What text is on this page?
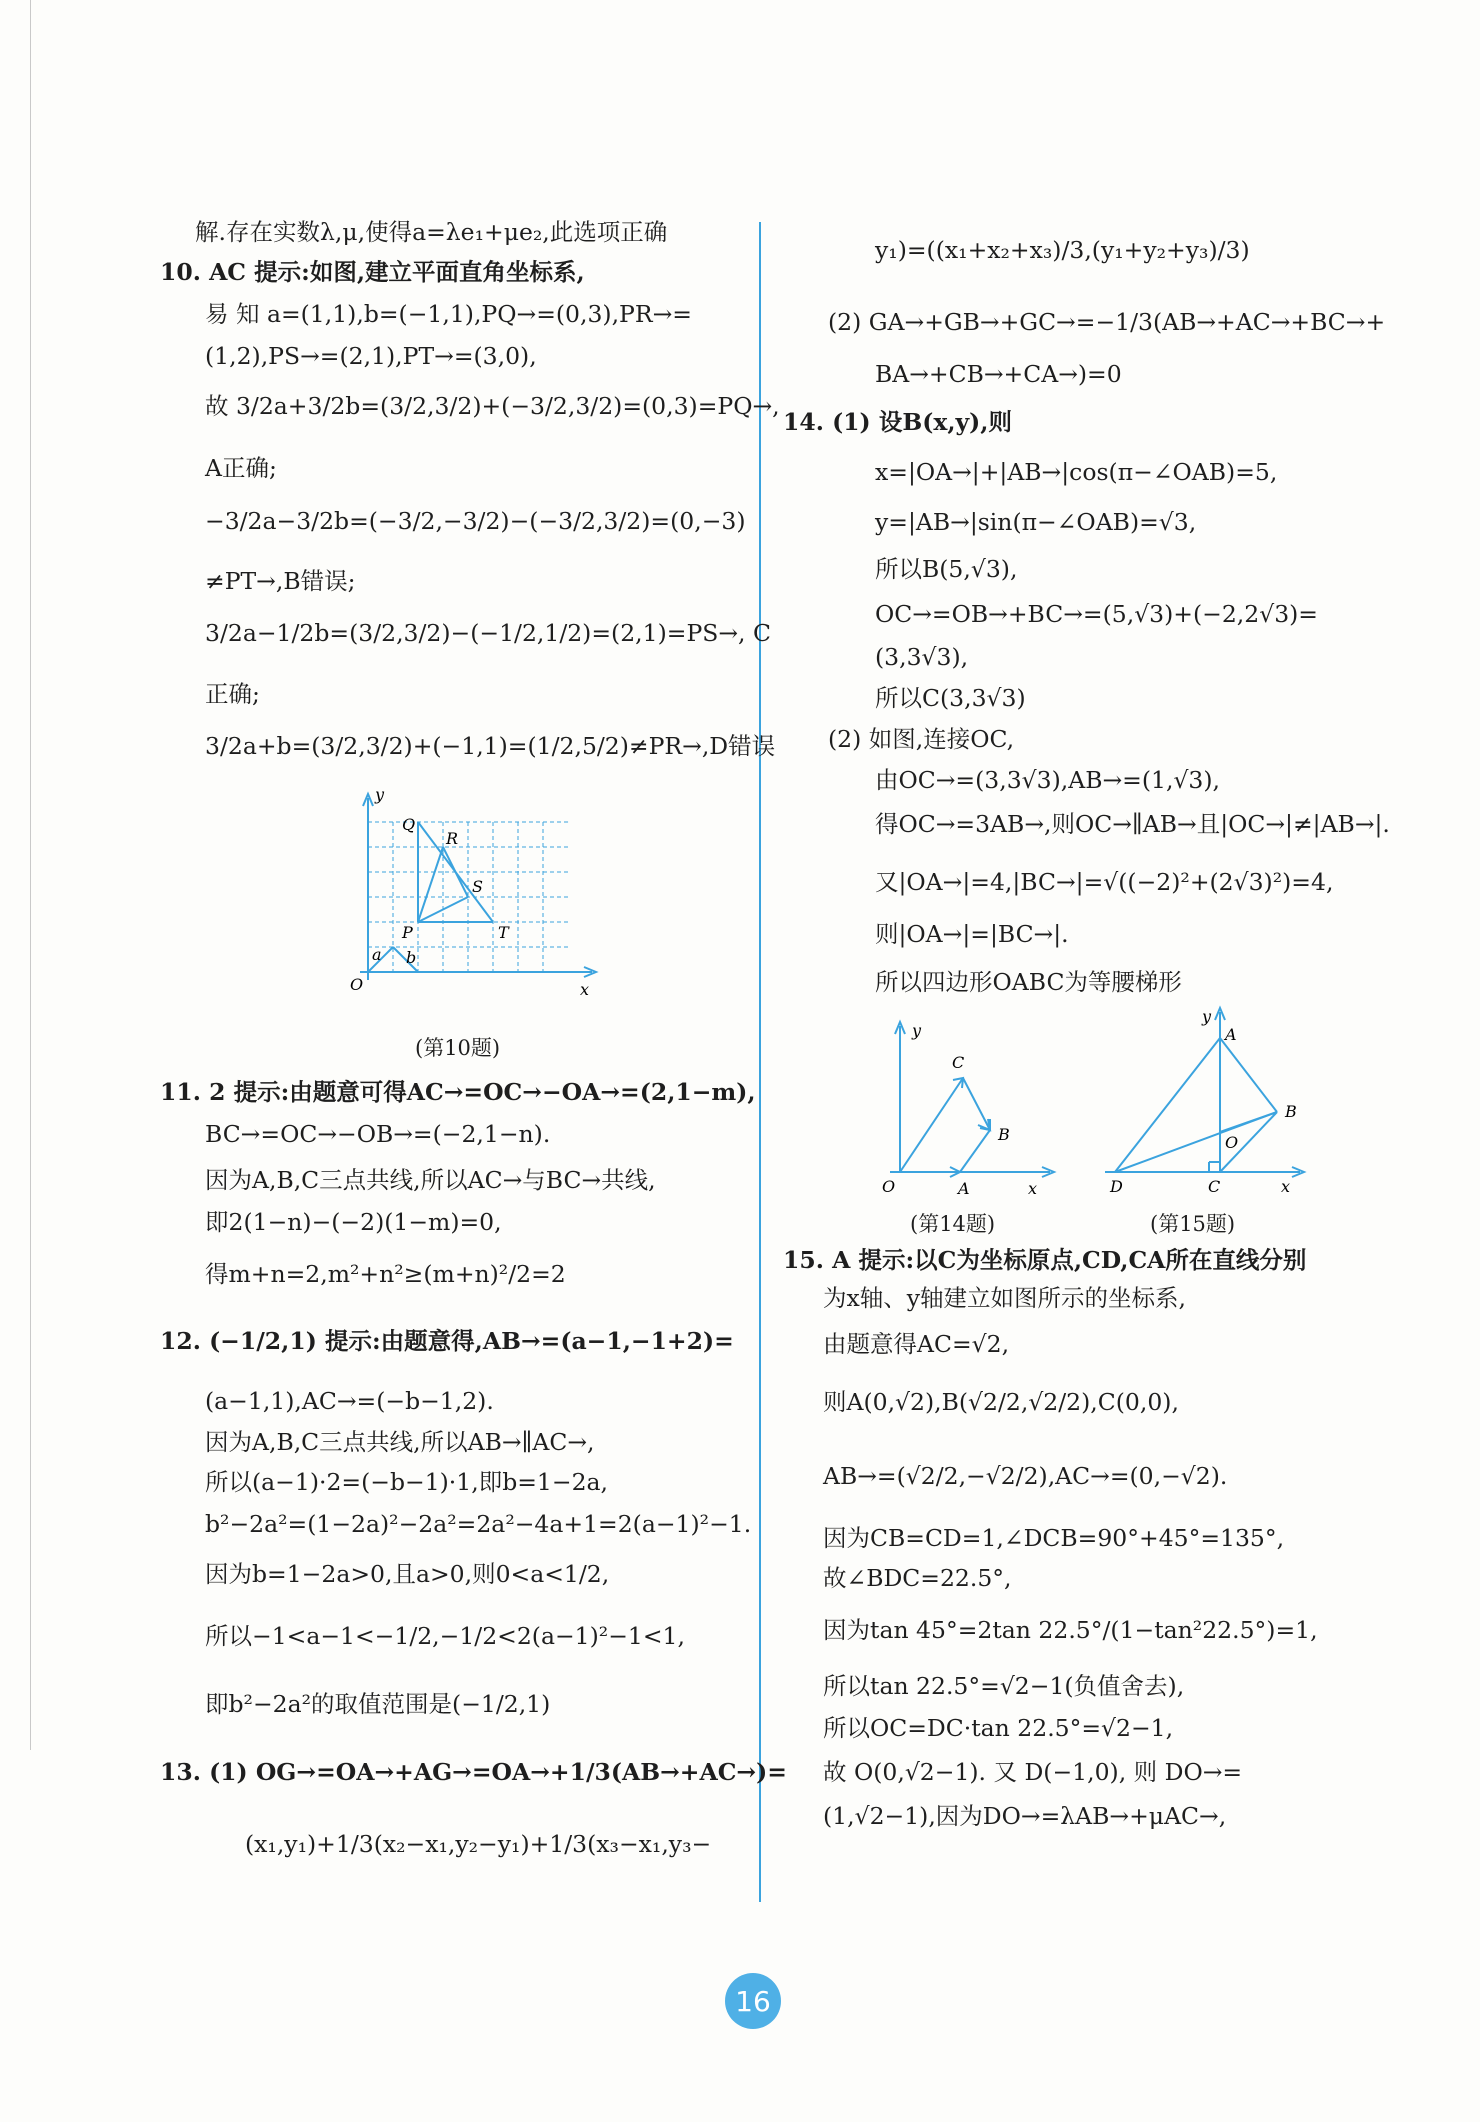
解.存在实数λ,μ,使得a=λe₁+μe₂,此选项正确
10. AC 提示:如图,建立平面直角坐标系,
易 知 a=(1,1),b=(−1,1),PQ→=(0,3),PR→=
(1,2),PS→=(2,1),PT→=(3,0),
故 3/2a+3/2b=(3/2,3/2)+(−3/2,3/2)=(0,3)=PQ→,
A正确;
−3/2a−3/2b=(−3/2,−3/2)−(−3/2,3/2)=(0,−3)
≠PT→,B错误;
3/2a−1/2b=(3/2,3/2)−(−1/2,1/2)=(2,1)=PS→, C
正确;
3/2a+b=(3/2,3/2)+(−1,1)=(1/2,5/2)≠PR→,D错误
y
x
O
Q
R
S
P	T
a b
(第10题)
11. 2 提示:由题意可得AC→=OC→−OA→=(2,1−m),
BC→=OC→−OB→=(−2,1−n).
因为A,B,C三点共线,所以AC→与BC→共线,
即2(1−n)−(−2)(1−m)=0,
得m+n=2,m²+n²≥(m+n)²/2=2
12. (−1/2,1) 提示:由题意得,AB→=(a−1,−1+2)=
(a−1,1),AC→=(−b−1,2).
因为A,B,C三点共线,所以AB→∥AC→,
所以(a−1)·2=(−b−1)·1,即b=1−2a,
b²−2a²=(1−2a)²−2a²=2a²−4a+1=2(a−1)²−1.
因为b=1−2a>0,且a>0,则0<a<1/2,
所以−1<a−1<−1/2,−1/2<2(a−1)²−1<1,
即b²−2a²的取值范围是(−1/2,1)
13. (1) OG→=OA→+AG→=OA→+1/3(AB→+AC→)=
(x₁,y₁)+1/3(x₂−x₁,y₂−y₁)+1/3(x₃−x₁,y₃−
y₁)=((x₁+x₂+x₃)/3,(y₁+y₂+y₃)/3)
(2) GA→+GB→+GC→=−1/3(AB→+AC→+BC→+
BA→+CB→+CA→)=0
14. (1) 设B(x,y),则
x=|OA→|+|AB→|cos(π−∠OAB)=5,
y=|AB→|sin(π−∠OAB)=√3,
所以B(5,√3),
OC→=OB→+BC→=(5,√3)+(−2,2√3)=
(3,3√3),
所以C(3,3√3)
(2) 如图,连接OC,
由OC→=(3,3√3),AB→=(1,√3),
得OC→=3AB→,则OC→∥AB→且|OC→|≠|AB→|.
又|OA→|=4,|BC→|=√((−2)²+(2√3)²)=4,
则|OA→|=|BC→|.
所以四边形OABC为等腰梯形
y
x
O	A
B
C
(第14题)
y
A
B
O
D	C	x
(第15题)
15. A 提示:以C为坐标原点,CD,CA所在直线分别
为x轴、y轴建立如图所示的坐标系,
由题意得AC=√2,
则A(0,√2),B(√2/2,√2/2),C(0,0),
AB→=(√2/2,−√2/2),AC→=(0,−√2).
因为CB=CD=1,∠DCB=90°+45°=135°,
故∠BDC=22.5°,
因为tan 45°=2tan 22.5°/(1−tan²22.5°)=1,
所以tan 22.5°=√2−1(负值舍去),
所以OC=DC·tan 22.5°=√2−1,
故 O(0,√2−1). 又 D(−1,0), 则 DO→=
(1,√2−1),因为DO→=λAB→+μAC→,
16
